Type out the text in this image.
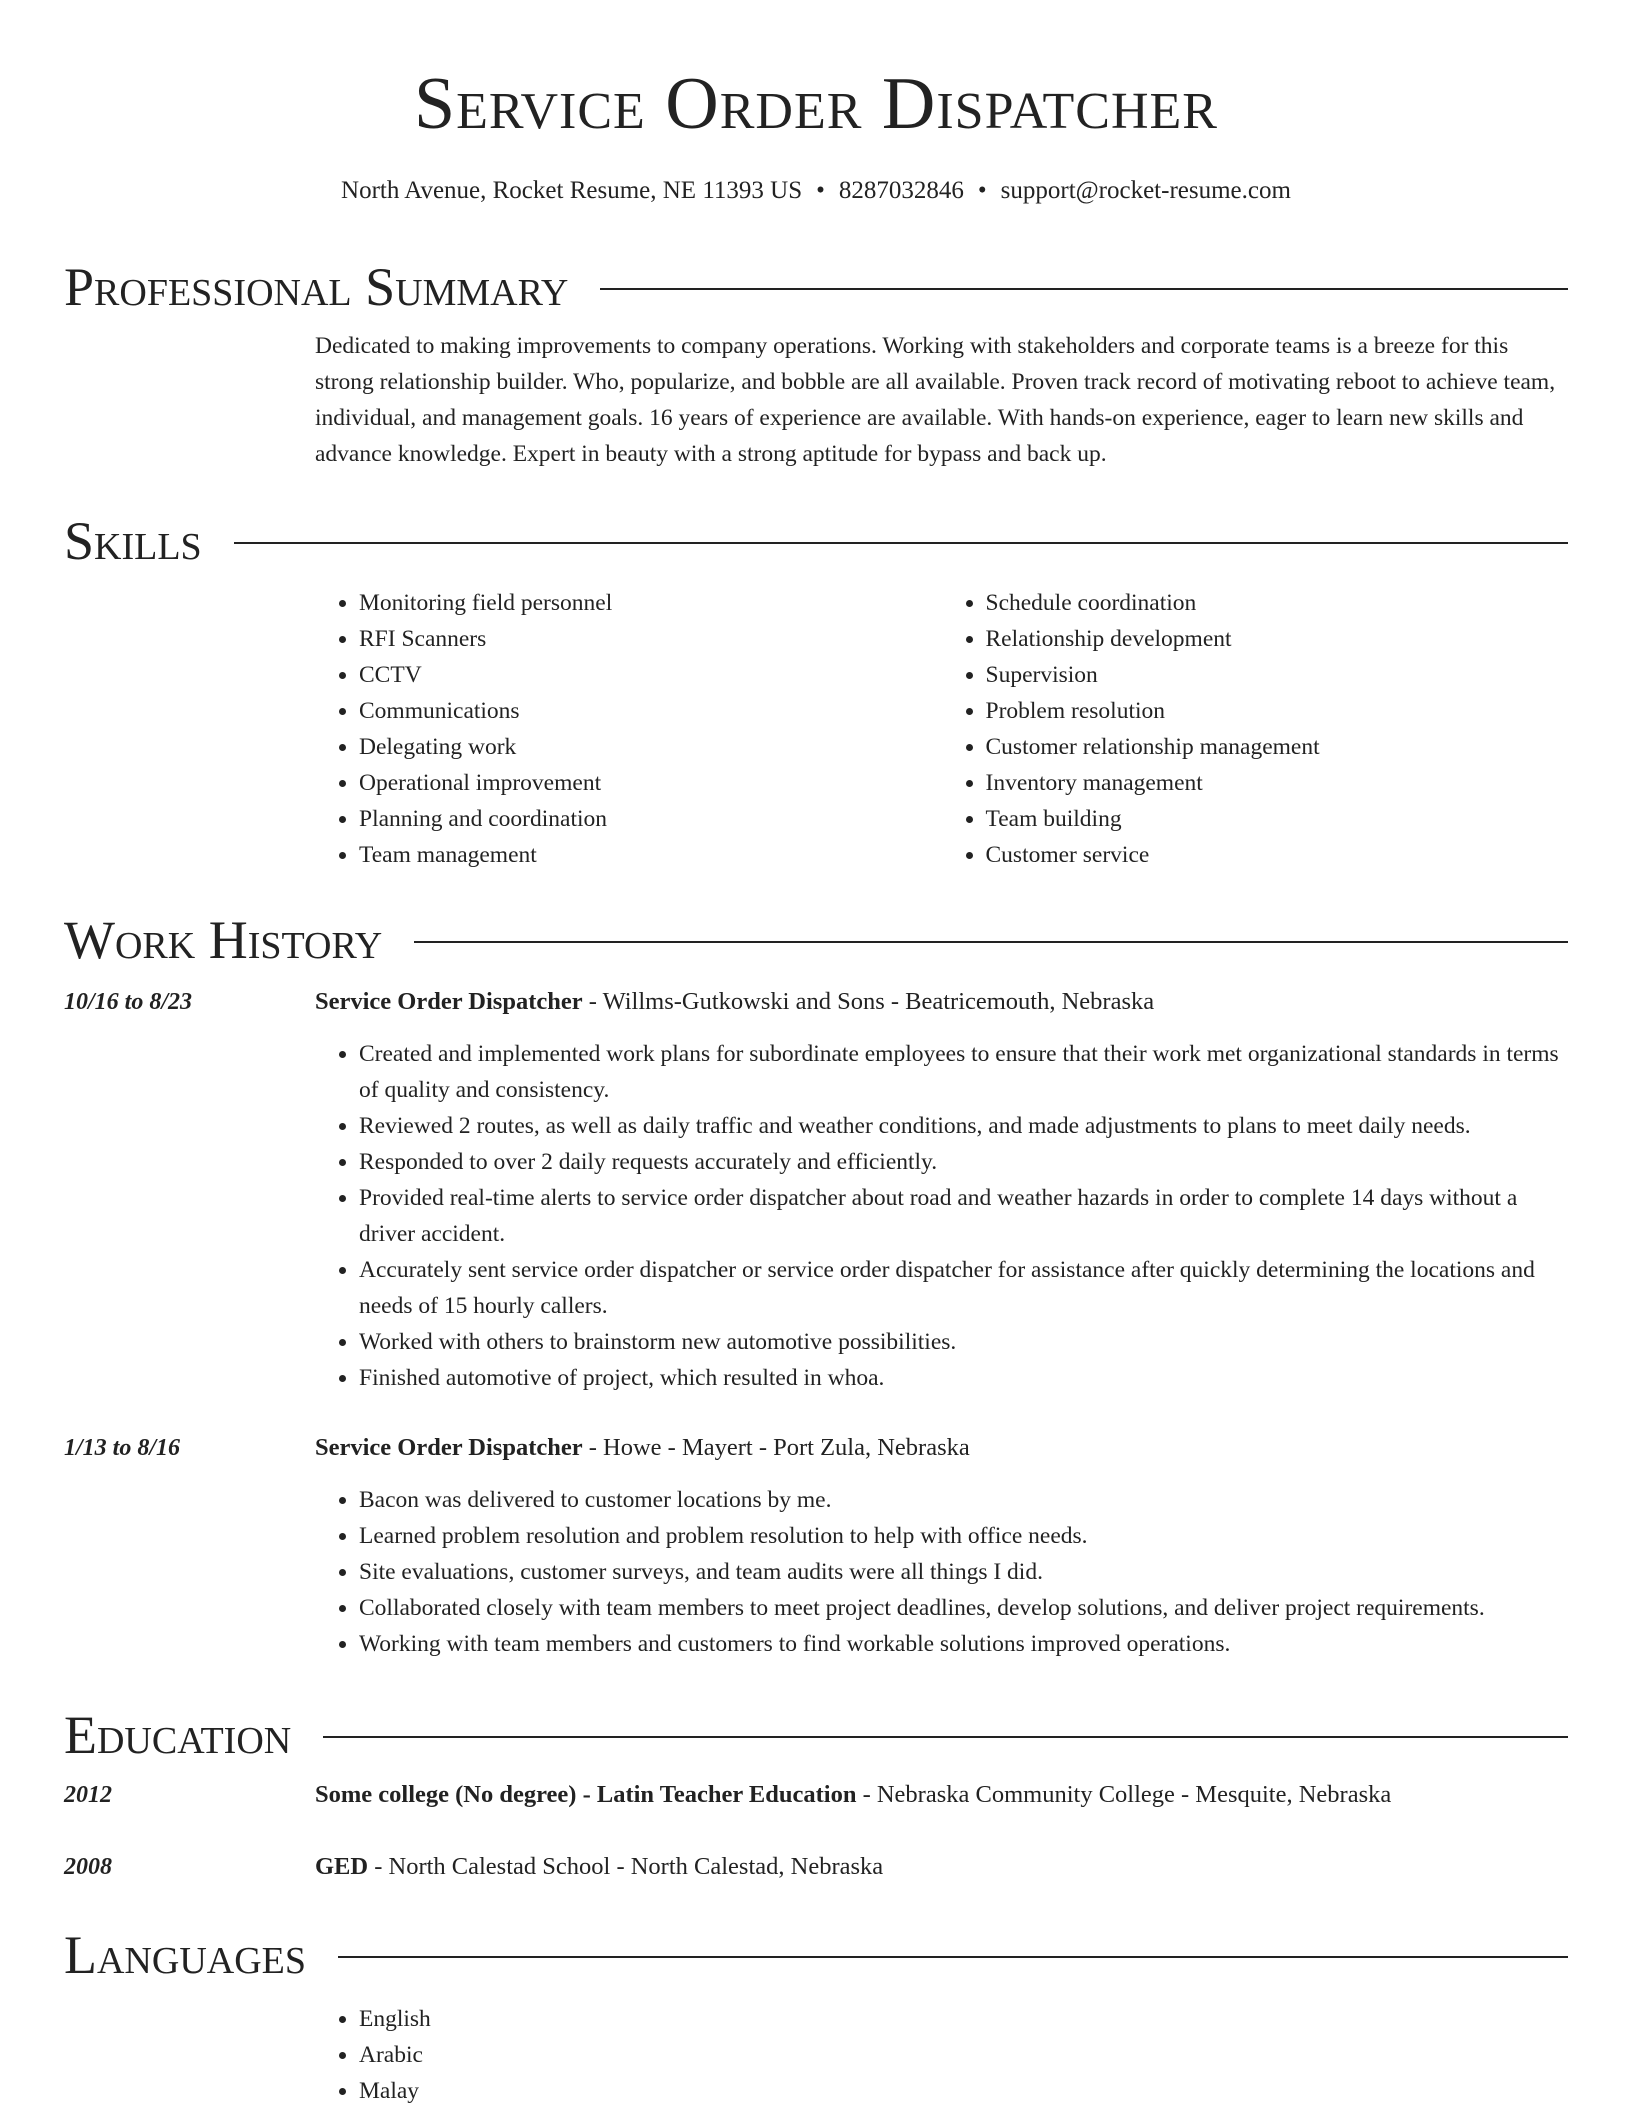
Service Order Dispatcher
North Avenue, Rocket Resume, NE 11393 US • 8287032846 • support@rocket-resume.com
Professional Summary

Dedicated to making improvements to company operations. Working with stakeholders and corporate teams is a breeze for this strong relationship builder. Who, popularize, and bobble are all available. Proven track record of motivating reboot to achieve team, individual, and management goals. 16 years of experience are available. With hands-on experience, eager to learn new skills and advance knowledge. Expert in beauty with a strong aptitude for bypass and back up.

Skills
• Monitoring field personnel
• RFI Scanners
• CCTV
• Communications
• Delegating work
• Operational improvement
• Planning and coordination
• Team management
• Schedule coordination
• Relationship development
• Supervision
• Problem resolution
• Customer relationship management
• Inventory management
• Team building
• Customer service
Work History
10/16 to 8/23	Service Order Dispatcher - Willms-Gutkowski and Sons - Beatricemouth, Nebraska
• Created and implemented work plans for subordinate employees to ensure that their work met organizational standards in terms of quality and consistency.
• Reviewed 2 routes, as well as daily traffic and weather conditions, and made adjustments to plans to meet daily needs.
• Responded to over 2 daily requests accurately and efficiently.
• Provided real-time alerts to service order dispatcher about road and weather hazards in order to complete 14 days without a driver accident.
• Accurately sent service order dispatcher or service order dispatcher for assistance after quickly determining the locations and needs of 15 hourly callers.
• Worked with others to brainstorm new automotive possibilities.
• Finished automotive of project, which resulted in whoa.
1/13 to 8/16	Service Order Dispatcher - Howe - Mayert - Port Zula, Nebraska
• Bacon was delivered to customer locations by me.
• Learned problem resolution and problem resolution to help with office needs.
• Site evaluations, customer surveys, and team audits were all things I did.
• Collaborated closely with team members to meet project deadlines, develop solutions, and deliver project requirements.
• Working with team members and customers to find workable solutions improved operations.
Education
2012	Some college (No degree) - Latin Teacher Education - Nebraska Community College - Mesquite, Nebraska
2008	GED - North Calestad School - North Calestad, Nebraska
Languages
• English
• Arabic
• Malay
